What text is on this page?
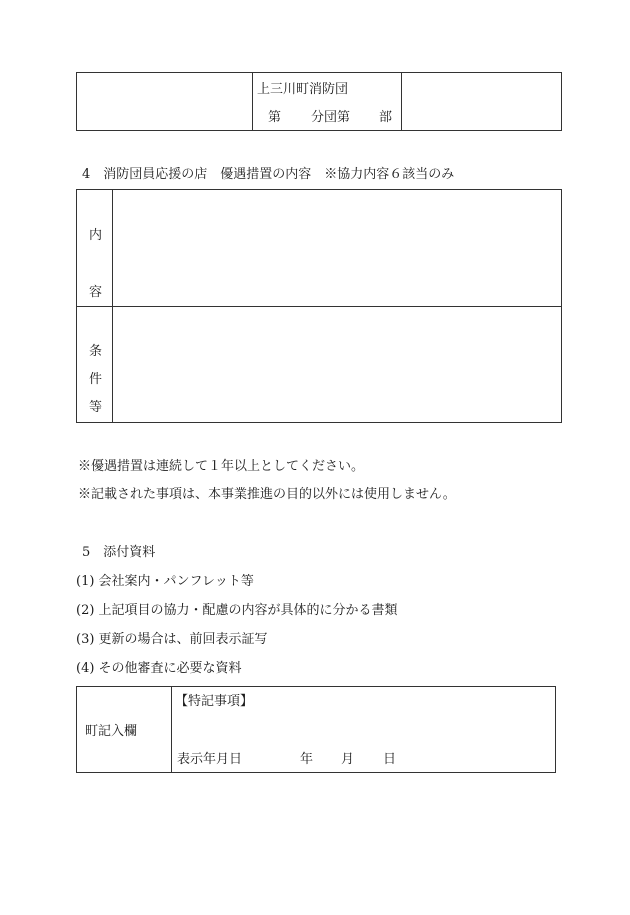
上三川町消防団
第 分団第 部
4　消防団員応援の店　優遇措置の内容　※協力内容６該当のみ
内
容
条
件
等
※優遇措置は連続して１年以上としてください。
※記載された事項は、本事業推進の目的以外には使用しません。
5　添付資料
(1) 会社案内・パンフレット等
(2) 上記項目の協力・配慮の内容が具体的に分かる書類
(3) 更新の場合は、前回表示証写
(4) その他審査に必要な資料
町記入欄
【特記事項】
表示年月日	年 月 日
